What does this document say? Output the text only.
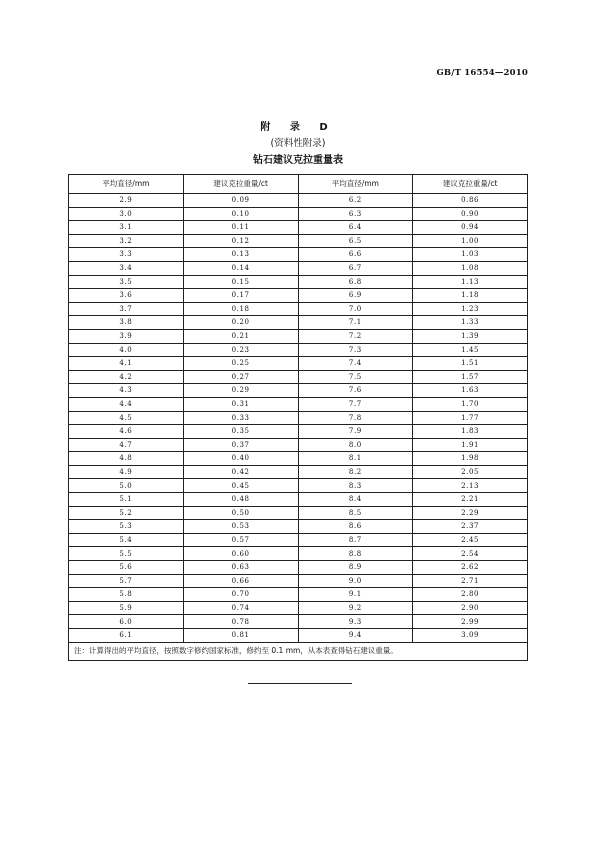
GB/T 16554—2010
附 录 D
(资料性附录)
钻石建议克拉重量表
平均直径/mm	建议克拉重量/ct	平均直径/mm	建议克拉重量/ct
2.9	0.09	6.2	0.86
3.0	0.10	6.3	0.90
3.1	0.11	6.4	0.94
3.2	0.12	6.5	1.00
3.3	0.13	6.6	1.03
3.4	0.14	6.7	1.08
3.5	0.15	6.8	1.13
3.6	0.17	6.9	1.18
3.7	0.18	7.0	1.23
3.8	0.20	7.1	1.33
3.9	0.21	7.2	1.39
4.0	0.23	7.3	1.45
4.1	0.25	7.4	1.51
4.2	0.27	7.5	1.57
4.3	0.29	7.6	1.63
4.4	0.31	7.7	1.70
4.5	0.33	7.8	1.77
4.6	0.35	7.9	1.83
4.7	0.37	8.0	1.91
4.8	0.40	8.1	1.98
4.9	0.42	8.2	2.05
5.0	0.45	8.3	2.13
5.1	0.48	8.4	2.21
5.2	0.50	8.5	2.29
5.3	0.53	8.6	2.37
5.4	0.57	8.7	2.45
5.5	0.60	8.8	2.54
5.6	0.63	8.9	2.62
5.7	0.66	9.0	2.71
5.8	0.70	9.1	2.80
5.9	0.74	9.2	2.90
6.0	0.78	9.3	2.99
6.1	0.81	9.4	3.09
注：计算得出的平均直径，按照数字修约国家标准，修约至 0.1 mm，从本表查得钻石建议重量。			
